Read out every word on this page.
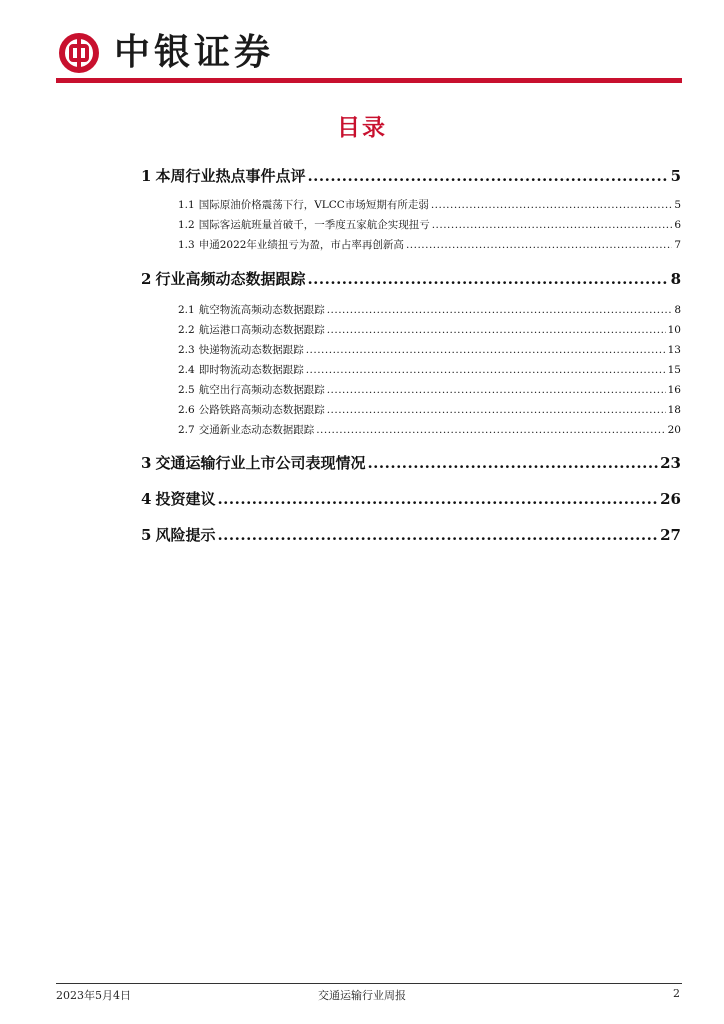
中银证券
目录
1 本周行业热点事件点评 .....	5
1.1 国际原油价格震荡下行，VLCC市场短期有所走弱 .....	5
1.2 国际客运航班量首破千，一季度五家航企实现扭亏 .....	6
1.3 申通2022年业绩扭亏为盈，市占率再创新高 .....	7
2 行业高频动态数据跟踪 .....	8
2.1 航空物流高频动态数据跟踪 .....	8
2.2 航运港口高频动态数据跟踪 .....	10
2.3 快递物流动态数据跟踪 .....	13
2.4 即时物流动态数据跟踪 .....	15
2.5 航空出行高频动态数据跟踪 .....	16
2.6 公路铁路高频动态数据跟踪 .....	18
2.7 交通新业态动态数据跟踪 .....	20
3 交通运输行业上市公司表现情况 .....	23
4 投资建议 .....	26
5 风险提示 .....	27
2023年5月4日	交通运输行业周报	2
